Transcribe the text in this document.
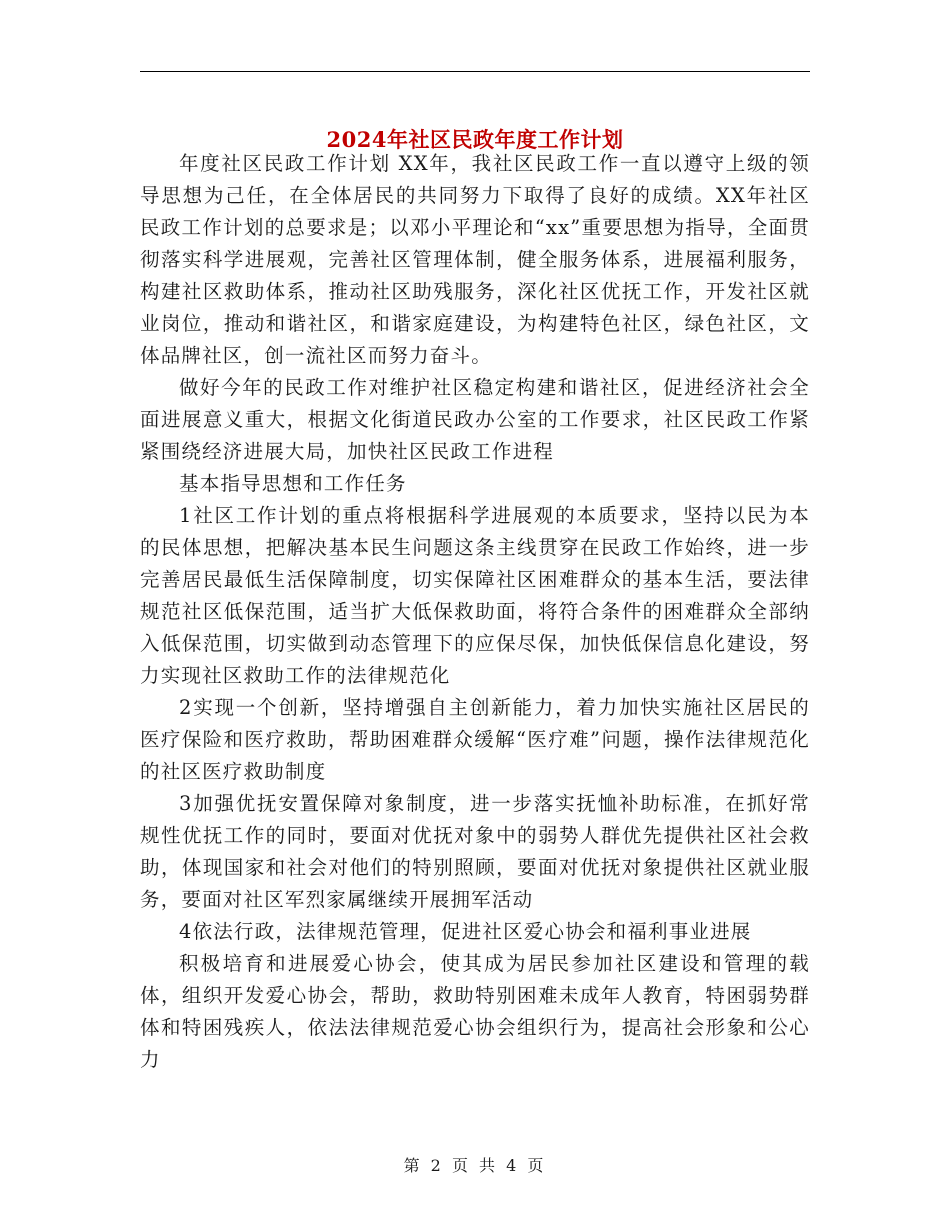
2024年社区民政年度工作计划

年度社区民政工作计划 XX年，我社区民政工作一直以遵守上级的领导思想为己任，在全体居民的共同努力下取得了良好的成绩。XX年社区民政工作计划的总要求是；以邓小平理论和“xx”重要思想为指导，全面贯彻落实科学进展观，完善社区管理体制，健全服务体系，进展福利服务，构建社区救助体系，推动社区助残服务，深化社区优抚工作，开发社区就业岗位，推动和谐社区，和谐家庭建设，为构建特色社区，绿色社区，文体品牌社区，创一流社区而努力奋斗。

做好今年的民政工作对维护社区稳定构建和谐社区，促进经济社会全面进展意义重大，根据文化街道民政办公室的工作要求，社区民政工作紧紧围绕经济进展大局，加快社区民政工作进程

基本指导思想和工作任务

1社区工作计划的重点将根据科学进展观的本质要求，坚持以民为本的民体思想，把解决基本民生问题这条主线贯穿在民政工作始终，进一步完善居民最低生活保障制度，切实保障社区困难群众的基本生活，要法律规范社区低保范围，适当扩大低保救助面，将符合条件的困难群众全部纳入低保范围，切实做到动态管理下的应保尽保，加快低保信息化建设，努力实现社区救助工作的法律规范化

2实现一个创新，坚持增强自主创新能力，着力加快实施社区居民的医疗保险和医疗救助，帮助困难群众缓解“医疗难”问题，操作法律规范化的社区医疗救助制度

3加强优抚安置保障对象制度，进一步落实抚恤补助标准，在抓好常规性优抚工作的同时，要面对优抚对象中的弱势人群优先提供社区社会救助，体现国家和社会对他们的特别照顾，要面对优抚对象提供社区就业服务，要面对社区军烈家属继续开展拥军活动

4依法行政，法律规范管理，促进社区爱心协会和福利事业进展

积极培育和进展爱心协会，使其成为居民参加社区建设和管理的载体，组织开发爱心协会，帮助，救助特别困难未成年人教育，特困弱势群体和特困残疾人，依法法律规范爱心协会组织行为，提高社会形象和公心力

第 2 页 共 4 页
